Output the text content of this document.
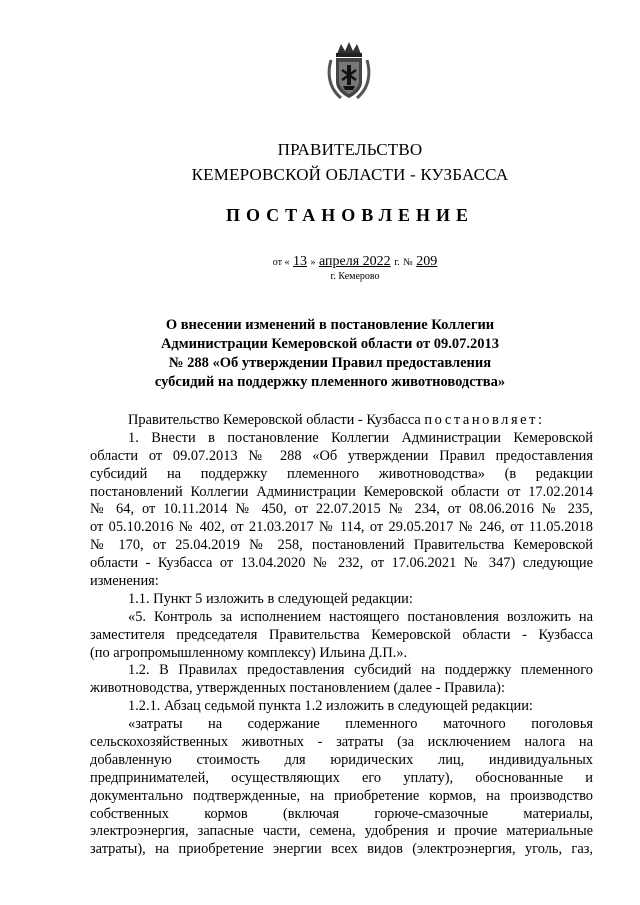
ПРАВИТЕЛЬСТВО
КЕМЕРОВСКОЙ ОБЛАСТИ - КУЗБАССА
ПОСТАНОВЛЕНИЕ
от « 13 » апреля 2022 г. № 209
г. Кемерово
О внесении изменений в постановление Коллегии
Администрации Кемеровской области от 09.07.2013
№ 288 «Об утверждении Правил предоставления
субсидий на поддержку племенного животноводства»
Правительство Кемеровской области - Кузбасса постановляет:
1. Внести в постановление Коллегии Администрации Кемеровской
области от 09.07.2013 № 288 «Об утверждении Правил предоставления
субсидий на поддержку племенного животноводства» (в редакции
постановлений Коллегии Администрации Кемеровской области от 17.02.2014
№ 64, от 10.11.2014 № 450, от 22.07.2015 № 234, от 08.06.2016 № 235,
от 05.10.2016 № 402, от 21.03.2017 № 114, от 29.05.2017 № 246, от 11.05.2018
№ 170, от 25.04.2019 № 258, постановлений Правительства Кемеровской
области - Кузбасса от 13.04.2020 № 232, от 17.06.2021 № 347) следующие
изменения:
1.1. Пункт 5 изложить в следующей редакции:
«5. Контроль за исполнением настоящего постановления возложить на
заместителя председателя Правительства Кемеровской области - Кузбасса
(по агропромышленному комплексу) Ильина Д.П.».
1.2. В Правилах предоставления субсидий на поддержку племенного
животноводства, утвержденных постановлением (далее - Правила):
1.2.1. Абзац седьмой пункта 1.2 изложить в следующей редакции:
«затраты на содержание племенного маточного поголовья
сельскохозяйственных животных - затраты (за исключением налога на
добавленную стоимость для юридических лиц, индивидуальных
предпринимателей, осуществляющих его уплату), обоснованные и
документально подтвержденные, на приобретение кормов, на производство
собственных кормов (включая горюче-смазочные материалы,
электроэнергия, запасные части, семена, удобрения и прочие материальные
затраты), на приобретение энергии всех видов (электроэнергия, уголь, газ,
